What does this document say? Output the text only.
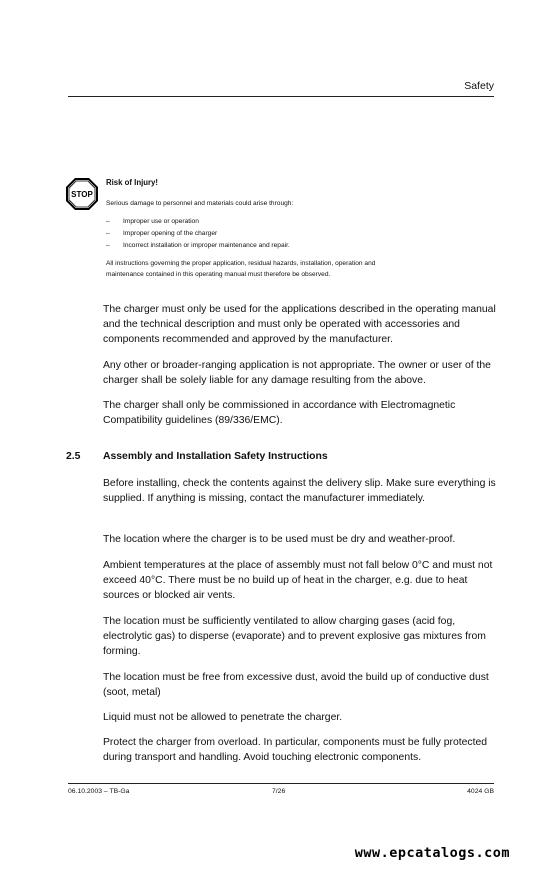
Safety
STOP
Risk of Injury!
Serious damage to personnel and materials could arise through:
– Improper use or operation
– Improper opening of the charger
– Incorrect installation or improper maintenance and repair.
All instructions governing the proper application, residual hazards, installation, operation and
maintenance contained in this operating manual must therefore be observed.
The charger must only be used for the applications described in the operating manual and the technical description and must only be operated with accessories and components recommended and approved by the manufacturer.
Any other or broader-ranging application is not appropriate. The owner or user of the charger shall be solely liable for any damage resulting from the above.
The charger shall only be commissioned in accordance with Electromagnetic Compatibility guidelines (89/336/EMC).
2.5 Assembly and Installation Safety Instructions
Before installing, check the contents against the delivery slip. Make sure everything is supplied. If anything is missing, contact the manufacturer immediately.
The location where the charger is to be used must be dry and weather-proof.
Ambient temperatures at the place of assembly must not fall below 0°C and must not exceed 40°C. There must be no build up of heat in the charger, e.g. due to heat sources or blocked air vents.
The location must be sufficiently ventilated to allow charging gases (acid fog, electrolytic gas) to disperse (evaporate) and to prevent explosive gas mixtures from forming.
The location must be free from excessive dust, avoid the build up of conductive dust (soot, metal)
Liquid must not be allowed to penetrate the charger.
Protect the charger from overload. In particular, components must be fully protected during transport and handling. Avoid touching electronic components.
06.10.2003 – TB-Ga	7/26	4024 GB
www.epcatalogs.com
